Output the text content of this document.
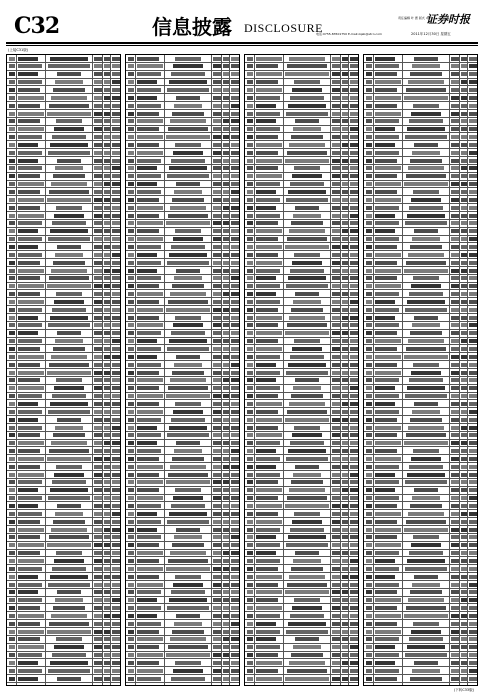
C32	信息披露 DISCLOSURE
责任编辑 叶 惠 版式 卓 乐
证券时报
电话:0755-83501750 E-mail:zqsb@stcn.com	2011年12月30日 星期五
(上接C31版)
(下转C33版)
